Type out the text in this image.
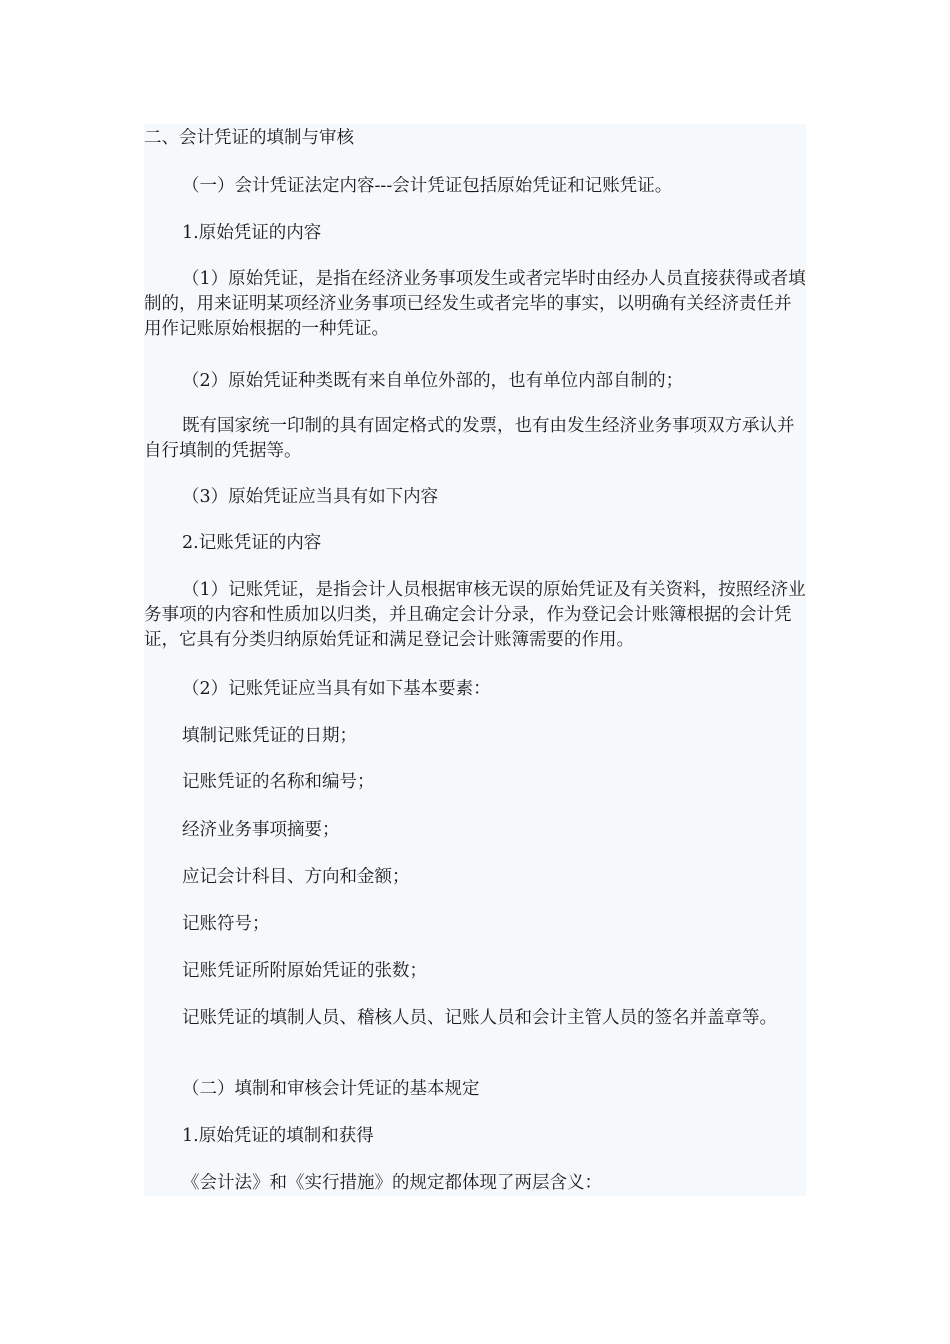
二、会计凭证的填制与审核

（一）会计凭证法定内容---会计凭证包括原始凭证和记账凭证。

1.原始凭证的内容

（1）原始凭证，是指在经济业务事项发生或者完毕时由经办人员直接获得或者填制的，用来证明某项经济业务事项已经发生或者完毕的事实，以明确有关经济责任并用作记账原始根据的一种凭证。

（2）原始凭证种类既有来自单位外部的，也有单位内部自制的；

既有国家统一印制的具有固定格式的发票，也有由发生经济业务事项双方承认并自行填制的凭据等。

（3）原始凭证应当具有如下内容

2.记账凭证的内容

（1）记账凭证，是指会计人员根据审核无误的原始凭证及有关资料，按照经济业务事项的内容和性质加以归类，并且确定会计分录，作为登记会计账簿根据的会计凭证，它具有分类归纳原始凭证和满足登记会计账簿需要的作用。

（2）记账凭证应当具有如下基本要素：

填制记账凭证的日期；

记账凭证的名称和编号；

经济业务事项摘要；

应记会计科目、方向和金额；

记账符号；

记账凭证所附原始凭证的张数；

记账凭证的填制人员、稽核人员、记账人员和会计主管人员的签名并盖章等。

（二）填制和审核会计凭证的基本规定

1.原始凭证的填制和获得

《会计法》和《实行措施》的规定都体现了两层含义：
